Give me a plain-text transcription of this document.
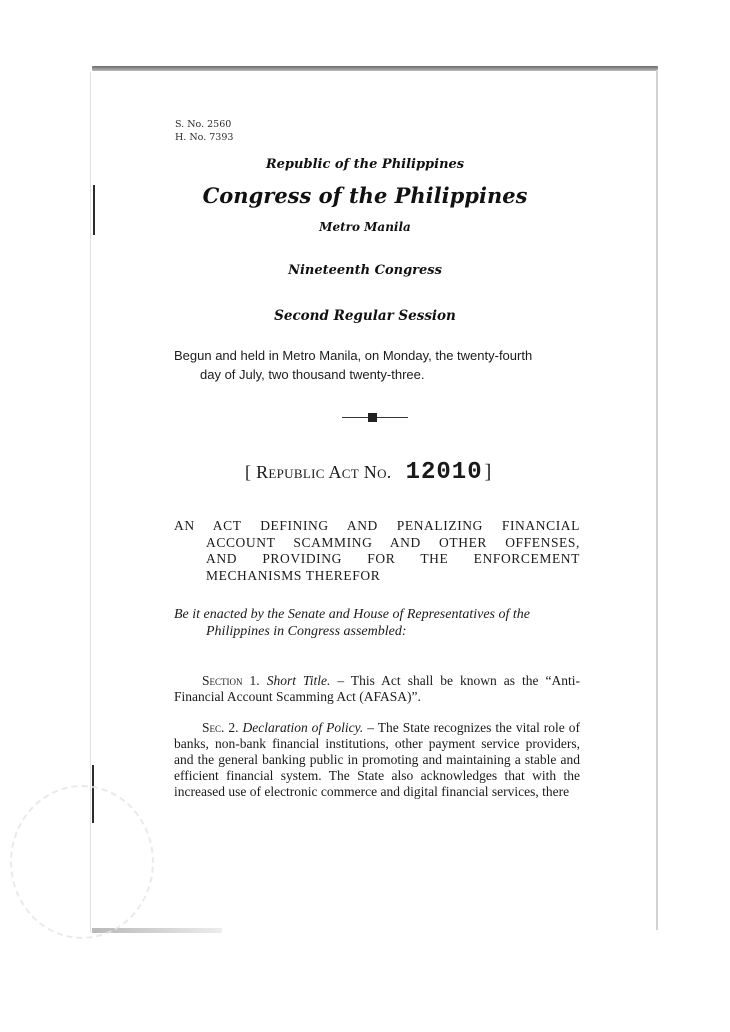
S. No. 2560
H. No. 7393
Republic of the Philippines
Congress of the Philippines
Metro Manila
Nineteenth Congress
Second Regular Session
Begun and held in Metro Manila, on Monday, the twenty-fourth
day of July, two thousand twenty-three.
[ Republic Act No. 12010 ]
AN ACT DEFINING AND PENALIZING FINANCIAL
ACCOUNT SCAMMING AND OTHER OFFENSES,
AND PROVIDING FOR THE ENFORCEMENT
MECHANISMS THEREFOR
Be it enacted by the Senate and House of Representatives of the
Philippines in Congress assembled:
Section 1. Short Title. – This Act shall be known as the “Anti-Financial Account Scamming Act (AFASA)”.
Sec. 2. Declaration of Policy. – The State recognizes the vital role of banks, non-bank financial institutions, other payment service providers, and the general banking public in promoting and maintaining a stable and efficient financial system. The State also acknowledges that with the increased use of electronic commerce and digital financial services, there
